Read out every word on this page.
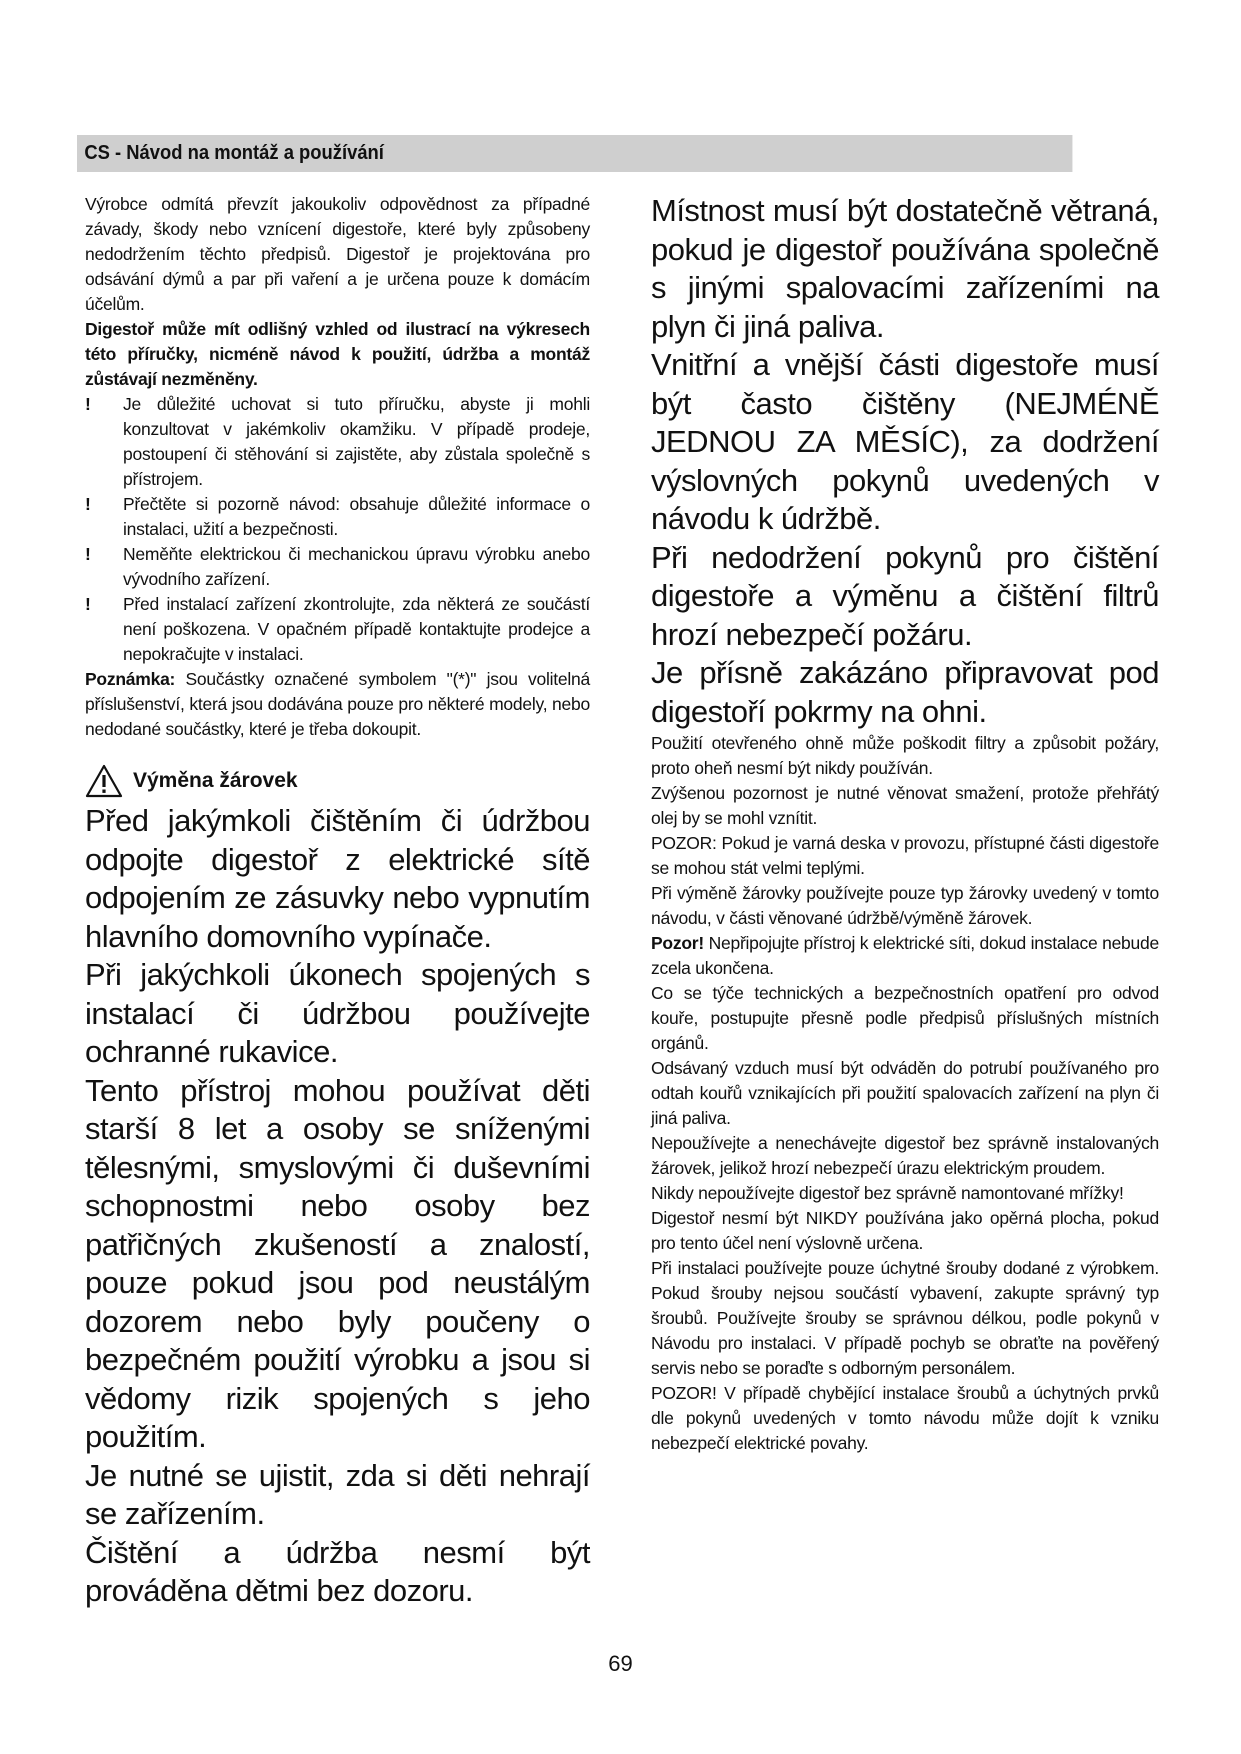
CS - Návod na montáž a používání

Výrobce odmítá převzít jakoukoliv odpovědnost za případné závady, škody nebo vznícení digestoře, které byly způsobeny nedodržením těchto předpisů. Digestoř je projektována pro odsávání dýmů a par při vaření a je určena pouze k domácím účelům.

Digestoř může mít odlišný vzhled od ilustrací na výkresech této příručky, nicméně návod k použití, údržba a montáž zůstávají nezměněny.

! Je důležité uchovat si tuto příručku, abyste ji mohli konzultovat v jakémkoliv okamžiku. V případě prodeje, postoupení či stěhování si zajistěte, aby zůstala společně s přístrojem.
! Přečtěte si pozorně návod: obsahuje důležité informace o instalaci, užití a bezpečnosti.
! Neměňte elektrickou či mechanickou úpravu výrobku anebo vývodního zařízení.
! Před instalací zařízení zkontrolujte, zda některá ze součástí není poškozena. V opačném případě kontaktujte prodejce a nepokračujte v instalaci.

Poznámka: Součástky označené symbolem "(*)" jsou volitelná příslušenství, která jsou dodávána pouze pro některé modely, nebo nedodané součástky, které je třeba dokoupit.

Výměna žárovek

Před jakýmkoli čištěním či údržbou odpojte digestoř z elektrické sítě odpojením ze zásuvky nebo vypnutím hlavního domovního vypínače.

Při jakýchkoli úkonech spojených s instalací či údržbou používejte ochranné rukavice.

Tento přístroj mohou používat děti starší 8 let a osoby se sníženými tělesnými, smyslovými či duševními schopnostmi nebo osoby bez patřičných zkušeností a znalostí, pouze pokud jsou pod neustálým dozorem nebo byly poučeny o bezpečném použití výrobku a jsou si vědomy rizik spojených s jeho použitím.

Je nutné se ujistit, zda si děti nehrají se zařízením.

Čištění a údržba nesmí být prováděna dětmi bez dozoru.

Místnost musí být dostatečně větraná, pokud je digestoř používána společně s jinými spalovacími zařízeními na plyn či jiná paliva.

Vnitřní a vnější části digestoře musí být často čištěny (NEJMÉNĚ JEDNOU ZA MĚSÍC), za dodržení výslovných pokynů uvedených v návodu k údržbě.

Při nedodržení pokynů pro čištění digestoře a výměnu a čištění filtrů hrozí nebezpečí požáru.

Je přísně zakázáno připravovat pod digestoří pokrmy na ohni.

Použití otevřeného ohně může poškodit filtry a způsobit požáry, proto oheň nesmí být nikdy používán.

Zvýšenou pozornost je nutné věnovat smažení, protože přehřátý olej by se mohl vznítit.

POZOR: Pokud je varná deska v provozu, přístupné části digestoře se mohou stát velmi teplými.

Při výměně žárovky používejte pouze typ žárovky uvedený v tomto návodu, v části věnované údržbě/výměně žárovek.

Pozor! Nepřipojujte přístroj k elektrické síti, dokud instalace nebude zcela ukončena.

Co se týče technických a bezpečnostních opatření pro odvod kouře, postupujte přesně podle předpisů příslušných místních orgánů.

Odsávaný vzduch musí být odváděn do potrubí používaného pro odtah kouřů vznikajících při použití spalovacích zařízení na plyn či jiná paliva.

Nepoužívejte a nenechávejte digestoř bez správně instalovaných žárovek, jelikož hrozí nebezpečí úrazu elektrickým proudem.

Nikdy nepoužívejte digestoř bez správně namontované mřížky!

Digestoř nesmí být NIKDY používána jako opěrná plocha, pokud pro tento účel není výslovně určena.

Při instalaci používejte pouze úchytné šrouby dodané z výrobkem. Pokud šrouby nejsou součástí vybavení, zakupte správný typ šroubů. Používejte šrouby se správnou délkou, podle pokynů v Návodu pro instalaci. V případě pochyb se obraťte na pověřený servis nebo se poraďte s odborným personálem.

POZOR! V případě chybějící instalace šroubů a úchytných prvků dle pokynů uvedených v tomto návodu může dojít k vzniku nebezpečí elektrické povahy.

69
